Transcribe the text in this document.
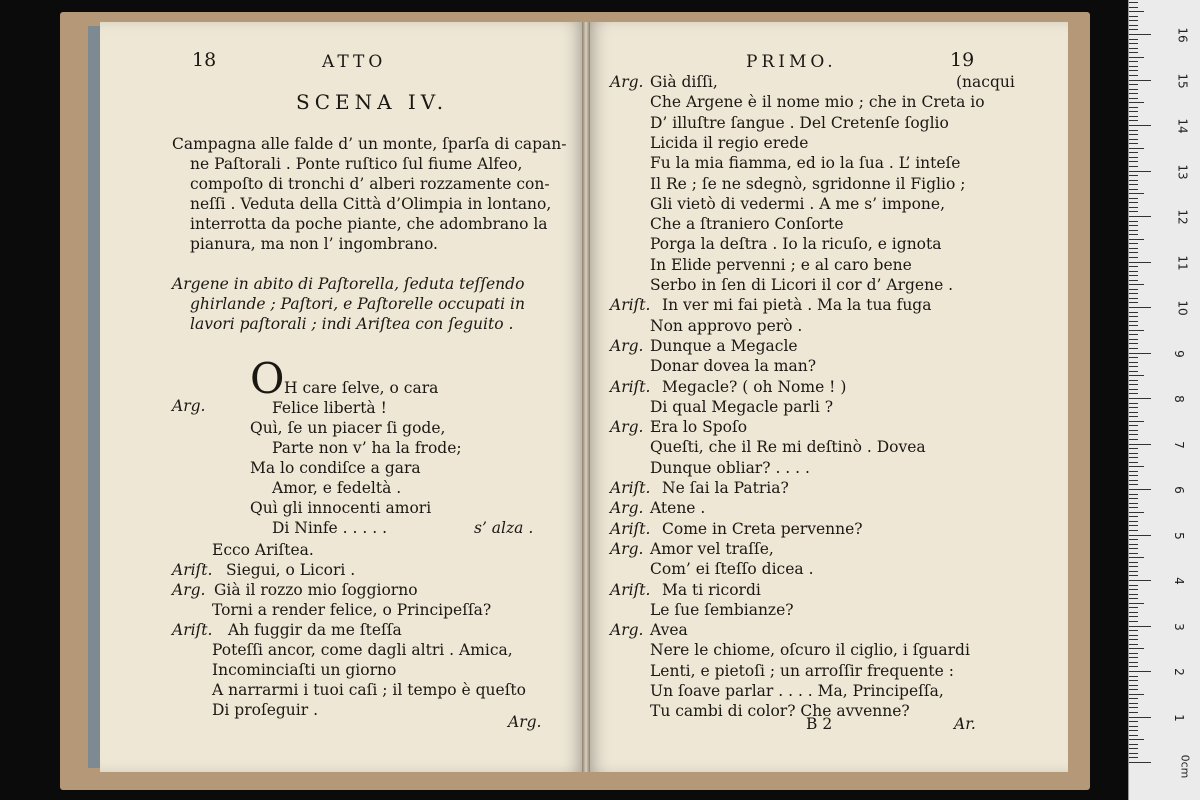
18	ATTO
SCENA IV.
Campagna alle falde d’ un monte, ſparſa di capan-
ne Paſtorali . Ponte ruſtico ſul fiume Alfeo,
compoſto di tronchi d’ alberi rozzamente con-
neſſi . Veduta della Città d’Olimpia in lontano,
interrotta da poche piante, che adombrano la
pianura, ma non l’ ingombrano.
Argene in abito di Paſtorella, ſeduta teſſendo
ghirlande ; Paſtori, e Paſtorelle occupati in
lavori paſtorali ; indi Ariſtea con ſeguito .
Arg.
O H care ſelve, o cara
Felice libertà !
Quì, ſe un piacer ſi gode,
Parte non v’ ha la frode;
Ma lo condiſce a gara
Amor, e fedeltà .
Quì gli innocenti amori
Di Ninfe . . . . .	s’ alza .
Ecco Ariſtea.
Ariſt. Siegui, o Licori .
Arg. Già il rozzo mio ſoggiorno
Torni a render felice, o Principeſſa?
Ariſt. Ah fuggir da me ſteſſa
Poteſſi ancor, come dagli altri . Amica,
Incominciaſti un giorno
A narrarmi i tuoi caſi ; il tempo è queſto
Di proſeguir .
Arg.
PRIMO.	19
(nacqui
Arg. Già diſſi,
Che Argene è il nome mio ; che in Creta io
D’ illuſtre ſangue . Del Cretenſe ſoglio
Licida il regio erede
Fu la mia fiamma, ed io la ſua . L’ inteſe
Il Re ; ſe ne sdegnò, sgridonne il Figlio ;
Gli vietò di vedermi . A me s’ impone,
Che a ſtraniero Conſorte
Porga la deſtra . Io la ricuſo, e ignota
In Elide pervenni ; e al caro bene
Serbo in ſen di Licori il cor d’ Argene .
Ariſt. In ver mi fai pietà . Ma la tua fuga
Non approvo però .
Arg. Dunque a Megacle
Donar dovea la man?
Ariſt. Megacle? ( oh Nome ! )
Di qual Megacle parli ?
Arg. Era lo Spoſo
Queſti, che il Re mi deſtinò . Dovea
Dunque obliar? . . . .
Ariſt. Ne ſai la Patria?
Arg. Atene .
Ariſt. Come in Creta pervenne?
Arg. Amor vel traſſe,
Com’ ei ſteſſo dicea .
Ariſt. Ma ti ricordi
Le ſue ſembianze?
Arg. Avea
Nere le chiome, oſcuro il ciglio, i ſguardi
Lenti, e pietoſi ; un arroſſir frequente :
Un ſoave parlar . . . . Ma, Principeſſa,
Tu cambi di color? Che avvenne?
B 2	Ar.
0cm
16
15
14
13
12
11
10
9
8
7
6
5
4
3
2
1
